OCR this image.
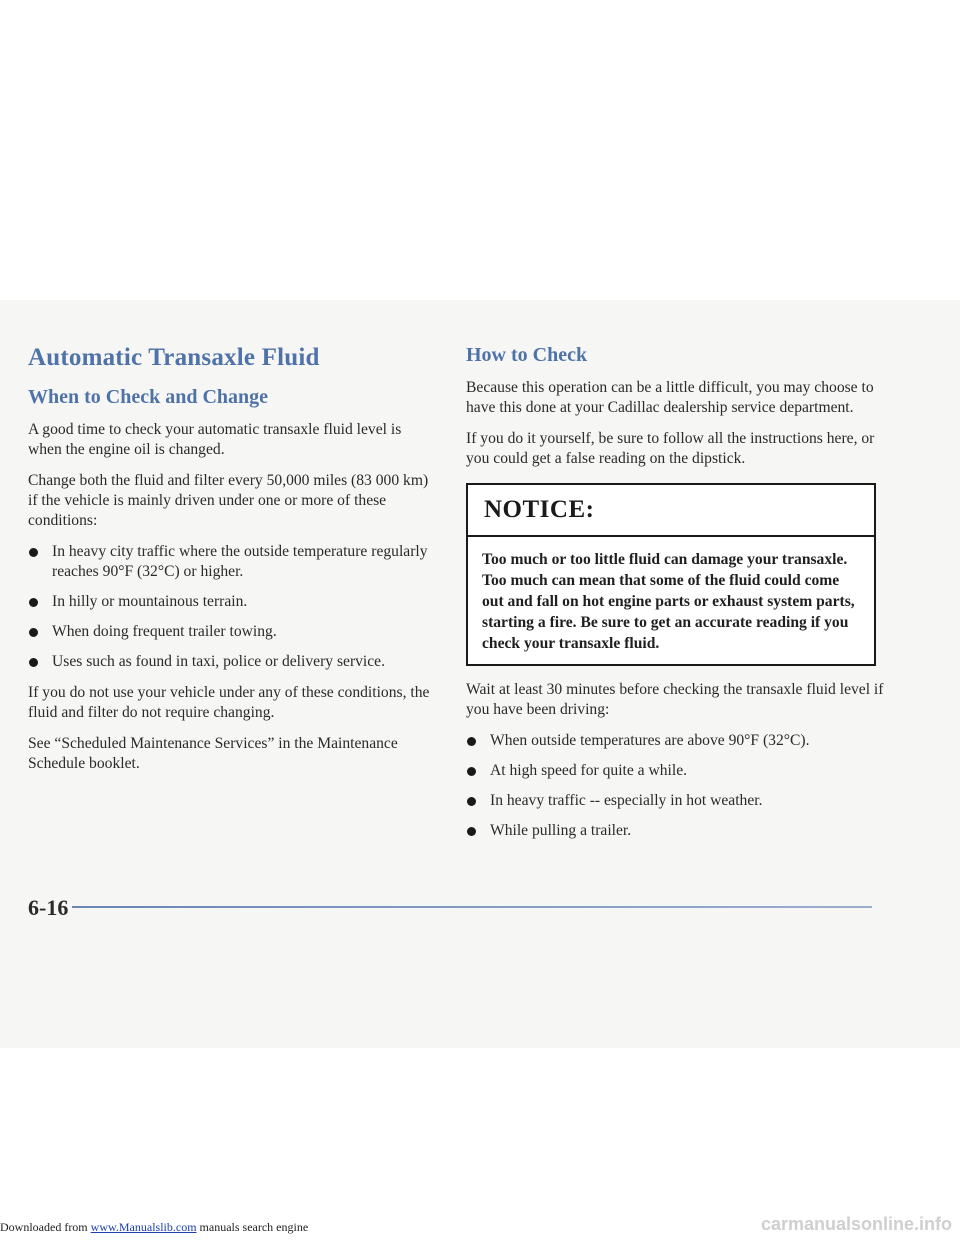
Automatic Transaxle Fluid
When to Check and Change

A good time to check your automatic transaxle fluid level is when the engine oil is changed.

Change both the fluid and filter every 50,000 miles (83 000 km) if the vehicle is mainly driven under one or more of these conditions:

In heavy city traffic where the outside temperature regularly reaches 90°F (32°C) or higher.
In hilly or mountainous terrain.
When doing frequent trailer towing.
Uses such as found in taxi, police or delivery service.

If you do not use your vehicle under any of these conditions, the fluid and filter do not require changing.

See “Scheduled Maintenance Services” in the Maintenance Schedule booklet.

How to Check

Because this operation can be a little difficult, you may choose to have this done at your Cadillac dealership service department.

If you do it yourself, be sure to follow all the instructions here, or you could get a false reading on the dipstick.

NOTICE:
Too much or too little fluid can damage your transaxle. Too much can mean that some of the fluid could come out and fall on hot engine parts or exhaust system parts, starting a fire. Be sure to get an accurate reading if you check your transaxle fluid.

Wait at least 30 minutes before checking the transaxle fluid level if you have been driving:

When outside temperatures are above 90°F (32°C).
At high speed for quite a while.
In heavy traffic -- especially in hot weather.
While pulling a trailer.
6-16
Downloaded from www.Manualslib.com manuals search engine	carmanualsonline.info
